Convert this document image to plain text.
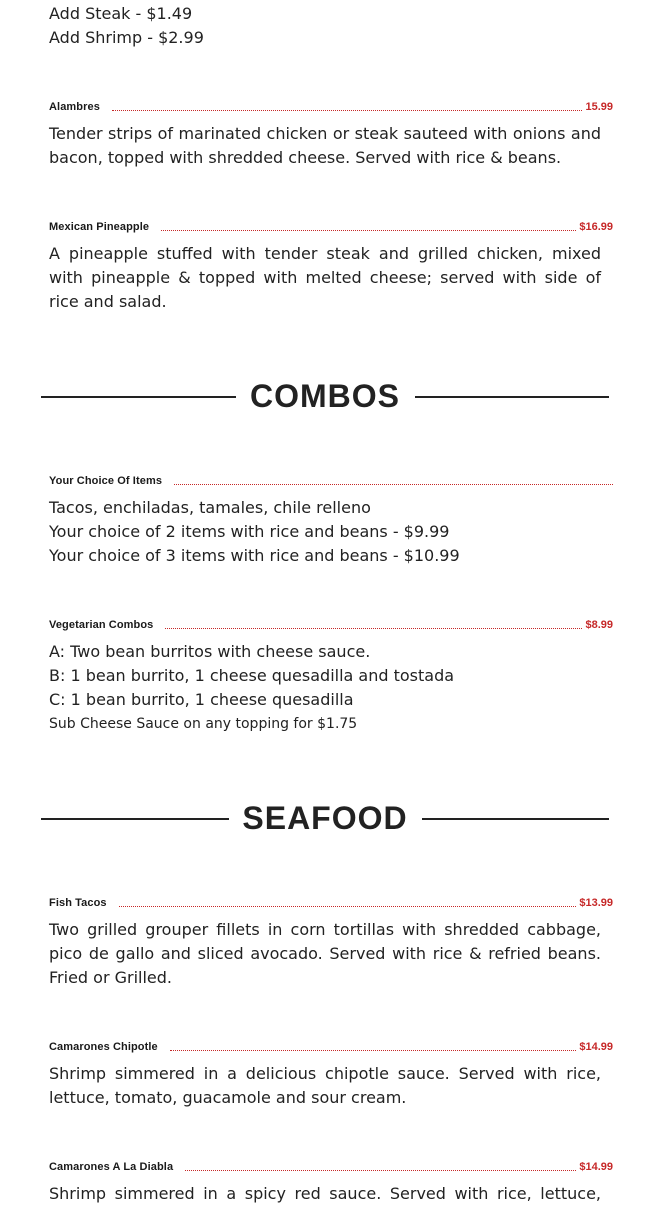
Add Steak - $1.49
Add Shrimp - $2.99
Alambres	15.99
Tender strips of marinated chicken or steak sauteed with onions and bacon, topped with shredded cheese. Served with rice & beans.
Mexican Pineapple	$16.99
A pineapple stuffed with tender steak and grilled chicken, mixed with pineapple & topped with melted cheese; served with side of rice and salad.
COMBOS
Your Choice Of Items
Tacos, enchiladas, tamales, chile relleno
Your choice of 2 items with rice and beans - $9.99
Your choice of 3 items with rice and beans - $10.99
Vegetarian Combos	$8.99
A: Two bean burritos with cheese sauce.
B: 1 bean burrito, 1 cheese quesadilla and tostada
C: 1 bean burrito, 1 cheese quesadilla
Sub Cheese Sauce on any topping for $1.75
SEAFOOD
Fish Tacos	$13.99
Two grilled grouper fillets in corn tortillas with shredded cabbage, pico de gallo and sliced avocado. Served with rice & refried beans. Fried or Grilled.
Camarones Chipotle	$14.99
Shrimp simmered in a delicious chipotle sauce. Served with rice, lettuce, tomato, guacamole and sour cream.
Camarones A La Diabla	$14.99
Shrimp simmered in a spicy red sauce. Served with rice, lettuce,
